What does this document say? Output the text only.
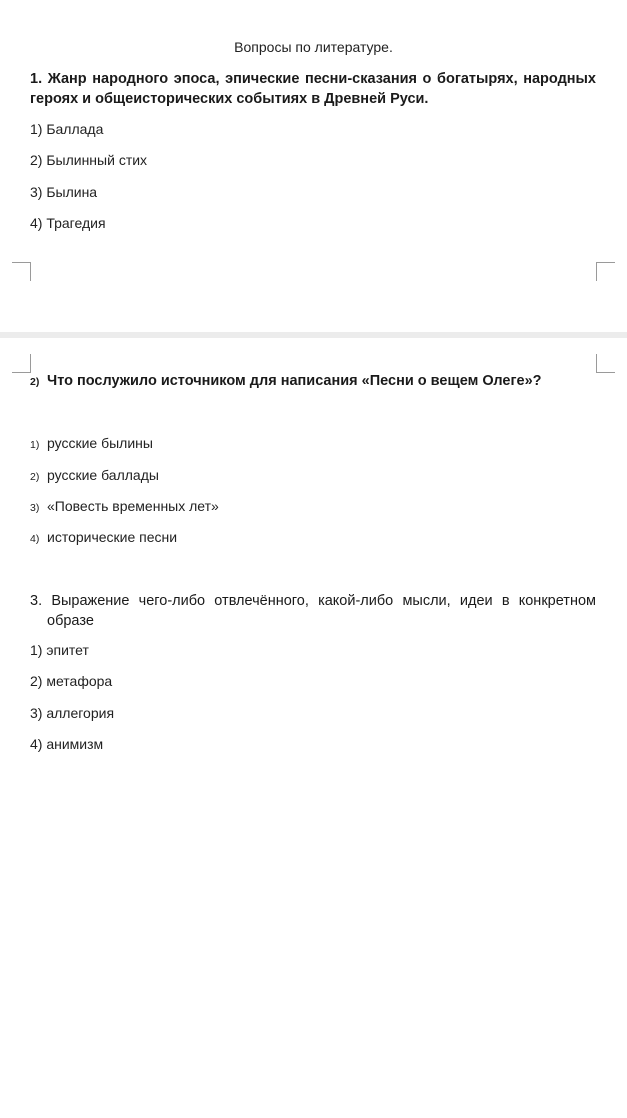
Вопросы по литературе.
1. Жанр народного эпоса, эпические песни-сказания о богатырях, народных героях и общеисторических событиях в Древней Руси.
1) Баллада
2) Былинный стих
3) Былина
4) Трагедия
2) Что послужило источником для написания «Песни о вещем Олеге»?
1) русские былины
2) русские баллады
3) «Повесть временных лет»
4) исторические песни
3. Выражение чего-либо отвлечённого, какой-либо мысли, идеи в конкретном образе
1) эпитет
2) метафора
3) аллегория
4) анимизм
